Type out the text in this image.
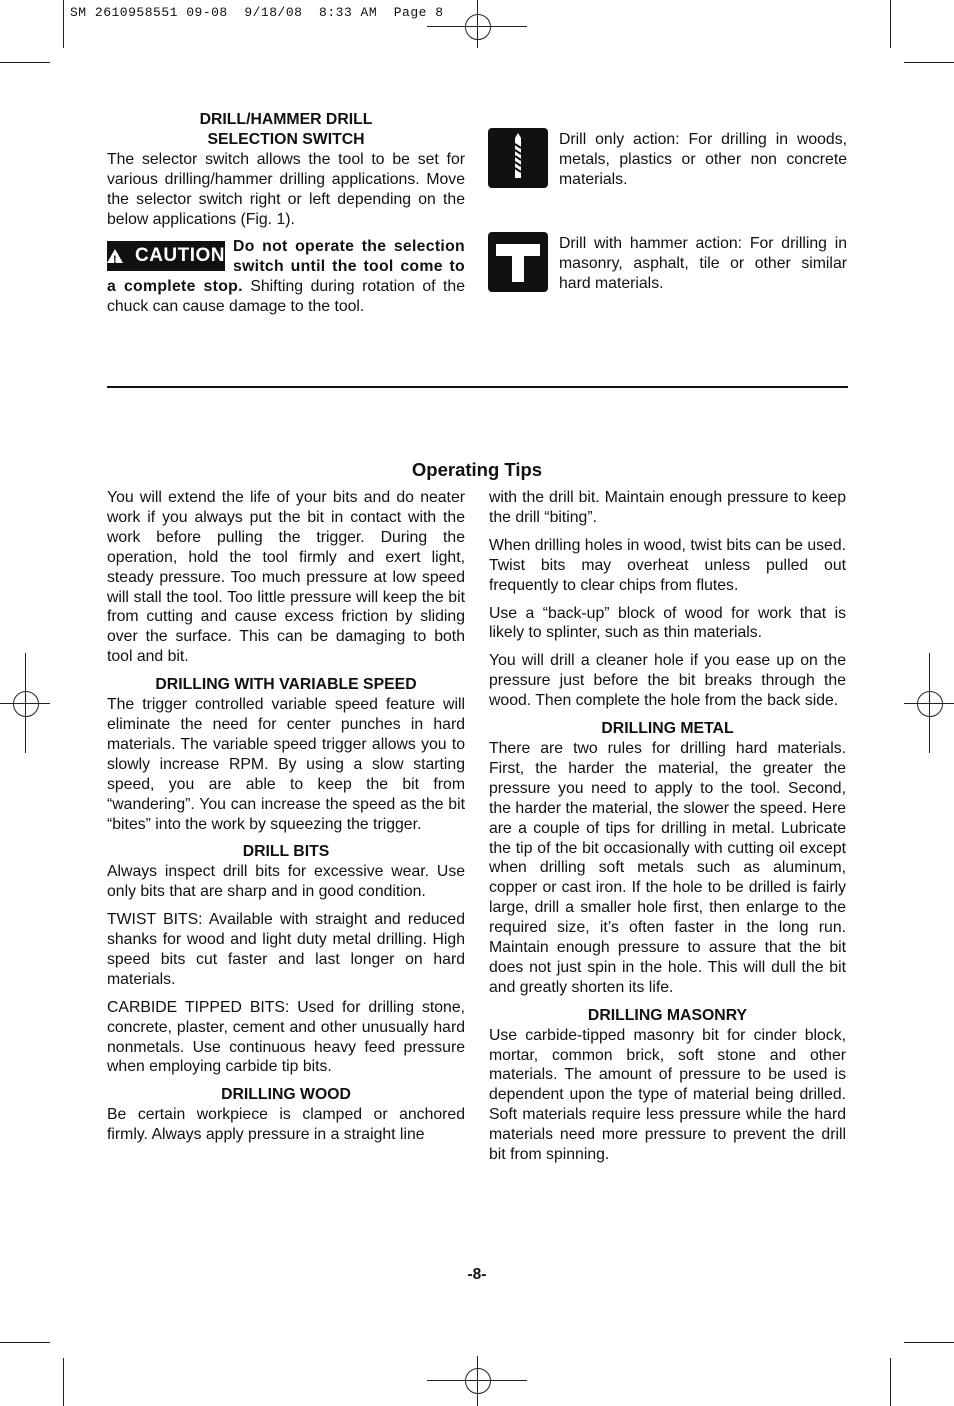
SM 2610958551 09-08  9/18/08  8:33 AM  Page 8

DRILL/HAMMER DRILL

SELECTION SWITCH

The selector switch allows the tool to be set for various drilling/hammer drilling applications. Move the selector switch right or left depending on the below applications (Fig. 1).

! CAUTION Do not operate the selection switch until the tool come to a complete stop. Shifting during rotation of the chuck can cause damage to the tool.

Drill only action: For drilling in woods, metals, plastics or other non concrete materials.
Drill with hammer action: For drilling in masonry, asphalt, tile or other similar hard materials.
Operating Tips

You will extend the life of your bits and do neater work if you always put the bit in contact with the work before pulling the trigger. During the operation, hold the tool firmly and exert light, steady pressure. Too much pressure at low speed will stall the tool. Too little pressure will keep the bit from cutting and cause excess friction by sliding over the surface. This can be damaging to both tool and bit.

DRILLING WITH VARIABLE SPEED

The trigger controlled variable speed feature will eliminate the need for center punches in hard materials. The variable speed trigger allows you to slowly increase RPM. By using a slow starting speed, you are able to keep the bit from “wandering”. You can increase the speed as the bit “bites” into the work by squeezing the trigger.

DRILL BITS

Always inspect drill bits for excessive wear. Use only bits that are sharp and in good condition.

TWIST BITS: Available with straight and reduced shanks for wood and light duty metal drilling. High speed bits cut faster and last longer on hard materials.

CARBIDE TIPPED BITS: Used for drilling stone, concrete, plaster, cement and other unusually hard nonmetals. Use continuous heavy feed pressure when employing carbide tip bits.

DRILLING WOOD

Be certain workpiece is clamped or anchored firmly. Always apply pressure in a straight line

with the drill bit. Maintain enough pressure to keep the drill “biting”.

When drilling holes in wood, twist bits can be used. Twist bits may overheat unless pulled out frequently to clear chips from flutes.

Use a “back-up” block of wood for work that is likely to splinter, such as thin materials.

You will drill a cleaner hole if you ease up on the pressure just before the bit breaks through the wood. Then complete the hole from the back side.

DRILLING METAL

There are two rules for drilling hard materials. First, the harder the material, the greater the pressure you need to apply to the tool. Second, the harder the material, the slower the speed. Here are a couple of tips for drilling in metal. Lubricate the tip of the bit occasionally with cutting oil except when drilling soft metals such as aluminum, copper or cast iron. If the hole to be drilled is fairly large, drill a smaller hole first, then enlarge to the required size, it’s often faster in the long run. Maintain enough pressure to assure that the bit does not just spin in the hole. This will dull the bit and greatly shorten its life.

DRILLING MASONRY

Use carbide-tipped masonry bit for cinder block, mortar, common brick, soft stone and other materials. The amount of pressure to be used is dependent upon the type of material being drilled. Soft materials require less pressure while the hard materials need more pressure to prevent the drill bit from spinning.

-8-
